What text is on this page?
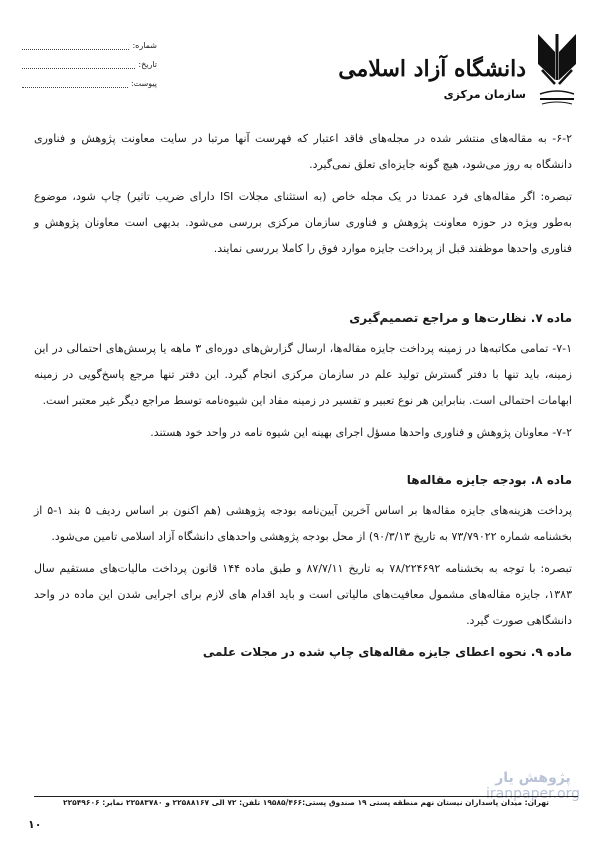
شماره:
تاریخ:
پیوست:
دانشگاه آزاد اسلامی
سازمان مرکزی

۶-۲- به مقاله‌های منتشر شده در مجله‌های فاقد اعتبار که فهرست آنها مرتبا در سایت معاونت پژوهش و فناوری دانشگاه به روز می‌شود، هیچ گونه جایزه‌ای تعلق نمی‌گیرد.

تبصره: اگر مقاله‌های فرد عمدتا در یک مجله خاص (به استثنای مجلات ISI دارای ضریب تاثیر) چاپ شود، موضوع به‌طور ویژه در حوزه معاونت پژوهش و فناوری سازمان مرکزی بررسی می‌شود. بدیهی است معاونان پژوهش و فناوری واحدها موظفند قبل از پرداخت جایزه موارد فوق را کاملا بررسی نمایند.

ماده ۷. نظارت‌ها و مراجع تصمیم‌گیری

۷-۱- تمامی مکاتبه‌ها در زمینه پرداخت جایزه مقاله‌ها، ارسال گزارش‌های دوره‌ای ۳ ماهه یا پرسش‌های احتمالی در این زمینه، باید تنها با دفتر گسترش تولید علم در سازمان مرکزی انجام گیرد. این دفتر تنها مرجع پاسخ‌گویی در زمینه ابهامات احتمالی است. بنابراین هر نوع تعبیر و تفسیر در زمینه مفاد این شیوه‌نامه توسط مراجع دیگر غیر معتبر است.

۷-۲- معاونان پژوهش و فناوری واحدها مسؤل اجرای بهینه این شیوه نامه در واحد خود هستند.

ماده ۸. بودجه جایزه مقاله‌ها

پرداخت هزینه‌های جایزه مقاله‌ها بر اساس آخرین آیین‌نامه بودجه پژوهشی (هم اکنون بر اساس ردیف ۵ بند ۱-۵ از بخشنامه شماره ۷۳/۷۹۰۲۲ به تاریخ ۹۰/۳/۱۳) از محل بودجه پژوهشی واحدهای دانشگاه آزاد اسلامی تامین می‌شود.

تبصره: با توجه به بخشنامه ۷۸/۲۲۴۶۹۲ به تاریخ ۸۷/۷/۱۱ و طبق ماده ۱۴۴ قانون پرداخت مالیات‌های مستقیم سال ۱۳۸۳، جایزه مقاله‌های مشمول معافیت‌های مالیاتی است و باید اقدام های لازم برای اجرایی شدن این ماده در واحد دانشگاهی صورت گیرد.

ماده ۹. نحوه اعطای جایزه مقاله‌های چاپ شده در مجلات علمی
پژوهش یار
iranpaper.org
تهران: میدان پاسداران نیستان نهم منطقه پستی ۱۹ صندوق پستی:۱۹۵۸۵/۴۶۶ تلفن: ۷۲ الی ۲۲۵۸۸۱۶۷ و ۲۲۵۸۳۷۸۰ نمابر: ۲۲۵۴۹۶۰۶
۱۰
